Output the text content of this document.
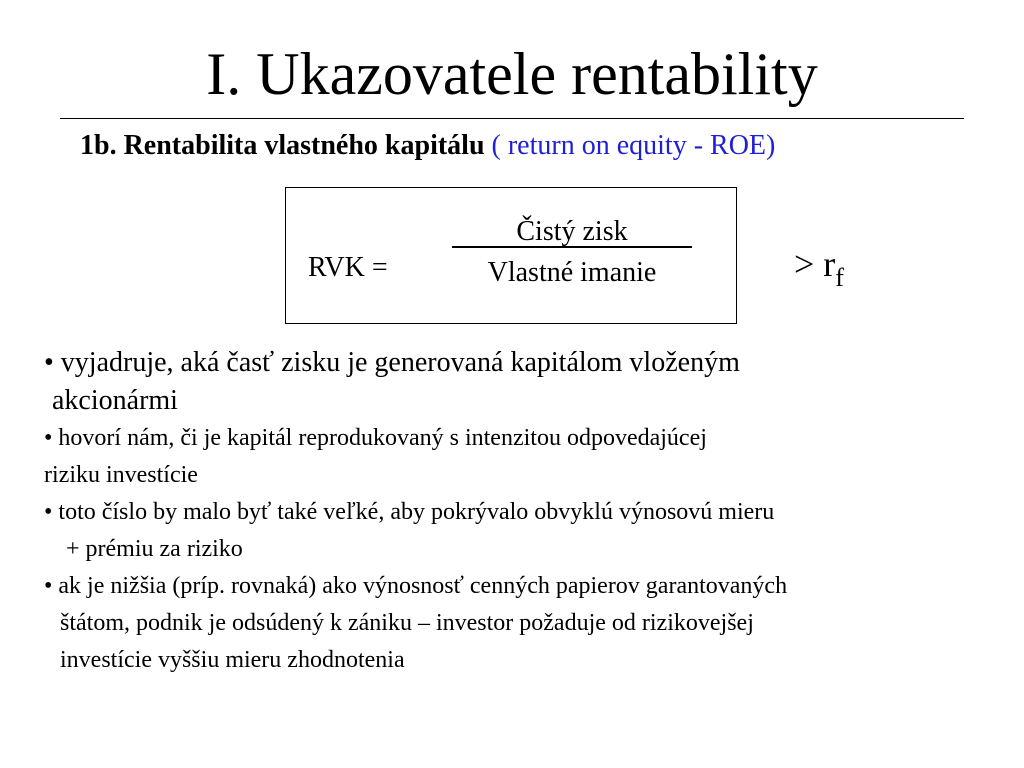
I. Ukazovatele rentability
1b. Rentabilita vlastného kapitálu ( return on equity - ROE)
RVK =
Čistý zisk
Vlastné imanie	> $r_f$
• vyjadruje, aká časť zisku je generovaná kapitálom vloženým
akcionármi
• hovorí nám, či je kapitál reprodukovaný s intenzitou odpovedajúcej
riziku investície
• toto číslo by malo byť také veľké, aby pokrývalo obvyklú výnosovú mieru
+ prémiu za riziko
• ak je nižšia (príp. rovnaká) ako výnosnosť cenných papierov garantovaných
štátom, podnik je odsúdený k zániku – investor požaduje od rizikovejšej
investície vyššiu mieru zhodnotenia
